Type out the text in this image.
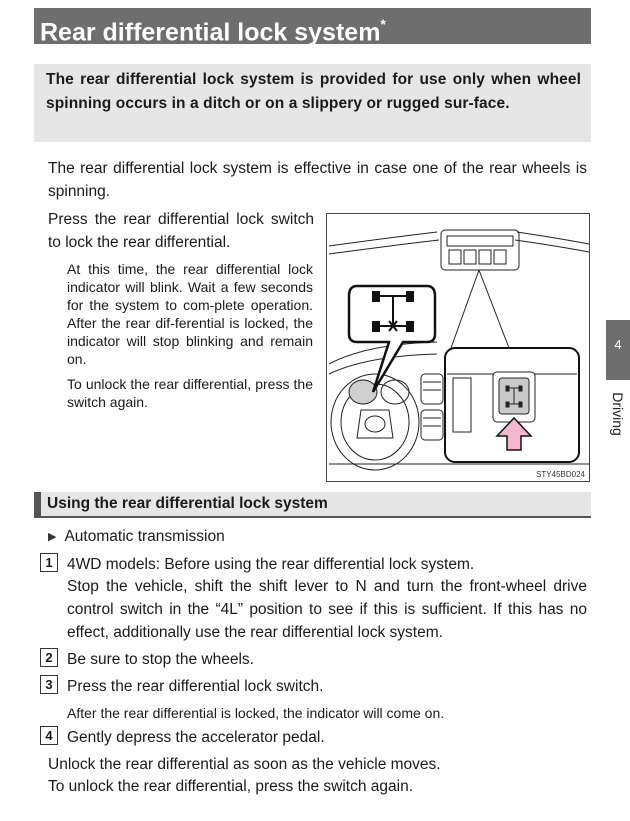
Rear differential lock system*
The rear differential lock system is provided for use only when wheel spinning occurs in a ditch or on a slippery or rugged sur-face.
The rear differential lock system is effective in case one of the rear wheels is spinning.
Press the rear differential lock switch to lock the rear differential.
At this time, the rear differential lock indicator will blink. Wait a few seconds for the system to com-plete operation. After the rear dif-ferential is locked, the indicator will stop blinking and remain on.
To unlock the rear differential, press the switch again.
STY45BD024
4
Driving
Using the rear differential lock system
▶ Automatic transmission
1 4WD models: Before using the rear differential lock system.
Stop the vehicle, shift the shift lever to N and turn the front-wheel drive control switch in the “4L” position to see if this is sufficient. If this has no effect, additionally use the rear differential lock system.
2 Be sure to stop the wheels.
3 Press the rear differential lock switch.
After the rear differential is locked, the indicator will come on.
4 Gently depress the accelerator pedal.
Unlock the rear differential as soon as the vehicle moves.
To unlock the rear differential, press the switch again.
